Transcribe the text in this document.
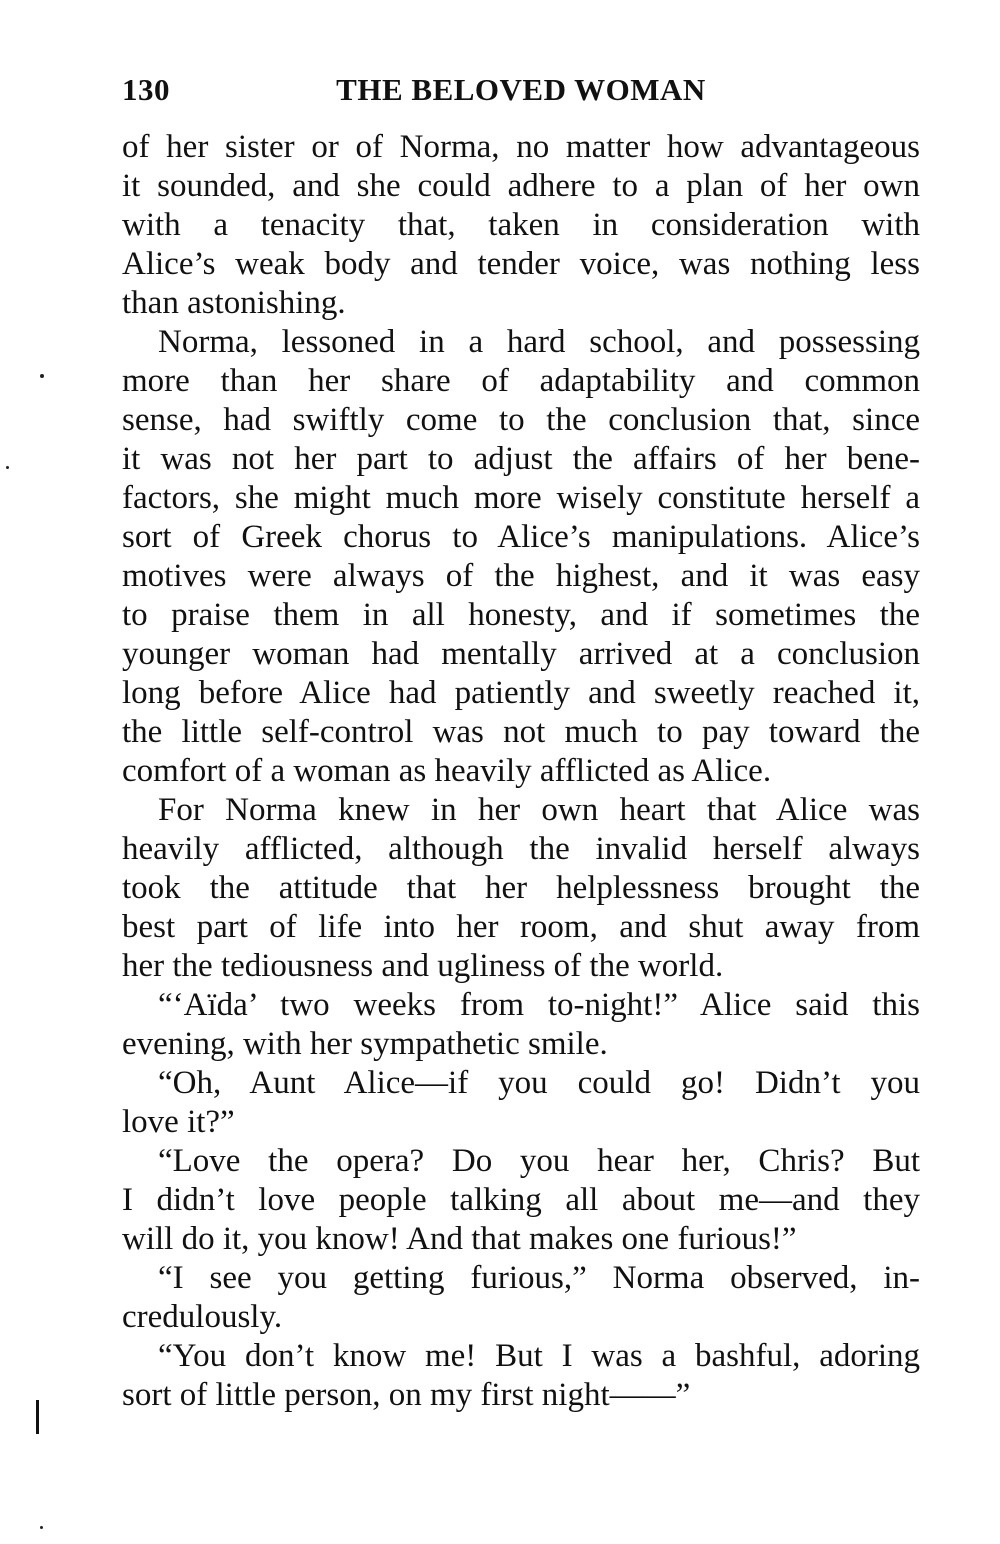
130	THE BELOVED WOMAN
of her sister or of Norma, no matter how advantageous
it sounded, and she could adhere to a plan of her own
with a tenacity that, taken in consideration with
Alice’s weak body and tender voice, was nothing less
than astonishing.
Norma, lessoned in a hard school, and possessing
more than her share of adaptability and common
sense, had swiftly come to the conclusion that, since
it was not her part to adjust the affairs of her bene-
factors, she might much more wisely constitute herself a
sort of Greek chorus to Alice’s manipulations. Alice’s
motives were always of the highest, and it was easy
to praise them in all honesty, and if sometimes the
younger woman had mentally arrived at a conclusion
long before Alice had patiently and sweetly reached it,
the little self-control was not much to pay toward the
comfort of a woman as heavily afflicted as Alice.
For Norma knew in her own heart that Alice was
heavily afflicted, although the invalid herself always
took the attitude that her helplessness brought the
best part of life into her room, and shut away from
her the tediousness and ugliness of the world.
“‘Aïda’ two weeks from to-night!” Alice said this
evening, with her sympathetic smile.
“Oh, Aunt Alice—if you could go! Didn’t you
love it?”
“Love the opera? Do you hear her, Chris? But
I didn’t love people talking all about me—and they
will do it, you know! And that makes one furious!”
“I see you getting furious,” Norma observed, in-
credulously.
“You don’t know me! But I was a bashful, adoring
sort of little person, on my first night——”
